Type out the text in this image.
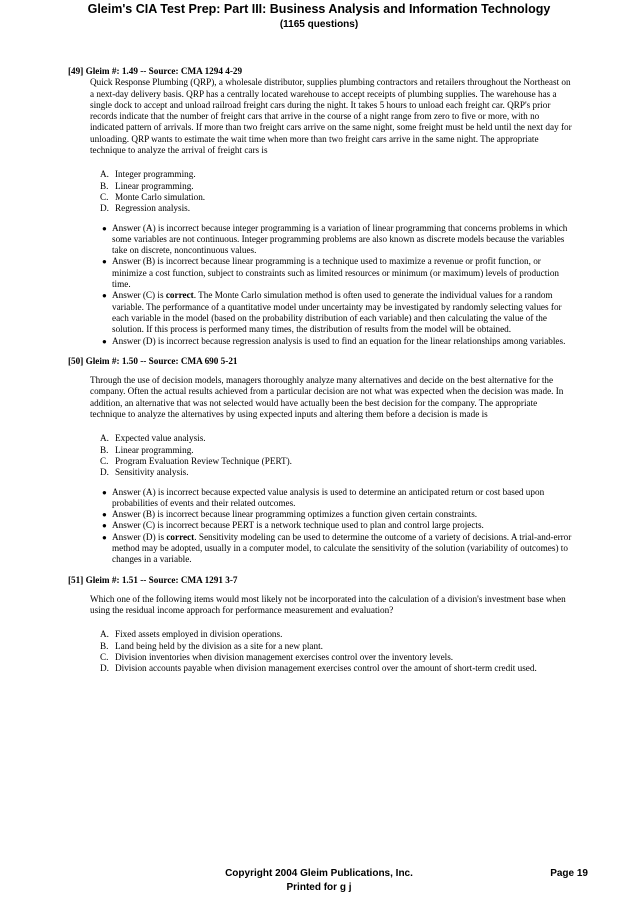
Gleim's CIA Test Prep: Part III: Business Analysis and Information Technology
(1165 questions)
[49] Gleim #: 1.49 -- Source: CMA 1294 4-29

Quick Response Plumbing (QRP), a wholesale distributor, supplies plumbing contractors and retailers throughout the Northeast on a next-day delivery basis. QRP has a centrally located warehouse to accept receipts of plumbing supplies. The warehouse has a single dock to accept and unload railroad freight cars during the night. It takes 5 hours to unload each freight car. QRP's prior records indicate that the number of freight cars that arrive in the course of a night range from zero to five or more, with no indicated pattern of arrivals. If more than two freight cars arrive on the same night, some freight must be held until the next day for unloading. QRP wants to estimate the wait time when more than two freight cars arrive in the same night. The appropriate technique to analyze the arrival of freight cars is

A. Integer programming.
B. Linear programming.
C. Monte Carlo simulation.
D. Regression analysis.
● Answer (A) is incorrect because integer programming is a variation of linear programming that concerns problems in which some variables are not continuous. Integer programming problems are also known as discrete models because the variables take on discrete, noncontinuous values.
● Answer (B) is incorrect because linear programming is a technique used to maximize a revenue or profit function, or minimize a cost function, subject to constraints such as limited resources or minimum (or maximum) levels of production time.
● Answer (C) is correct. The Monte Carlo simulation method is often used to generate the individual values for a random variable. The performance of a quantitative model under uncertainty may be investigated by randomly selecting values for each variable in the model (based on the probability distribution of each variable) and then calculating the value of the solution. If this process is performed many times, the distribution of results from the model will be obtained.
● Answer (D) is incorrect because regression analysis is used to find an equation for the linear relationships among variables.
[50] Gleim #: 1.50 -- Source: CMA 690 5-21

Through the use of decision models, managers thoroughly analyze many alternatives and decide on the best alternative for the company. Often the actual results achieved from a particular decision are not what was expected when the decision was made. In addition, an alternative that was not selected would have actually been the best decision for the company. The appropriate technique to analyze the alternatives by using expected inputs and altering them before a decision is made is

A. Expected value analysis.
B. Linear programming.
C. Program Evaluation Review Technique (PERT).
D. Sensitivity analysis.
● Answer (A) is incorrect because expected value analysis is used to determine an anticipated return or cost based upon probabilities of events and their related outcomes.
● Answer (B) is incorrect because linear programming optimizes a function given certain constraints.
● Answer (C) is incorrect because PERT is a network technique used to plan and control large projects.
● Answer (D) is correct. Sensitivity modeling can be used to determine the outcome of a variety of decisions. A trial-and-error method may be adopted, usually in a computer model, to calculate the sensitivity of the solution (variability of outcomes) to changes in a variable.
[51] Gleim #: 1.51 -- Source: CMA 1291 3-7

Which one of the following items would most likely not be incorporated into the calculation of a division's investment base when using the residual income approach for performance measurement and evaluation?

A. Fixed assets employed in division operations.
B. Land being held by the division as a site for a new plant.
C. Division inventories when division management exercises control over the inventory levels.
D. Division accounts payable when division management exercises control over the amount of short-term credit used.
Copyright 2004 Gleim Publications, Inc.	Page 19
Printed for g j
